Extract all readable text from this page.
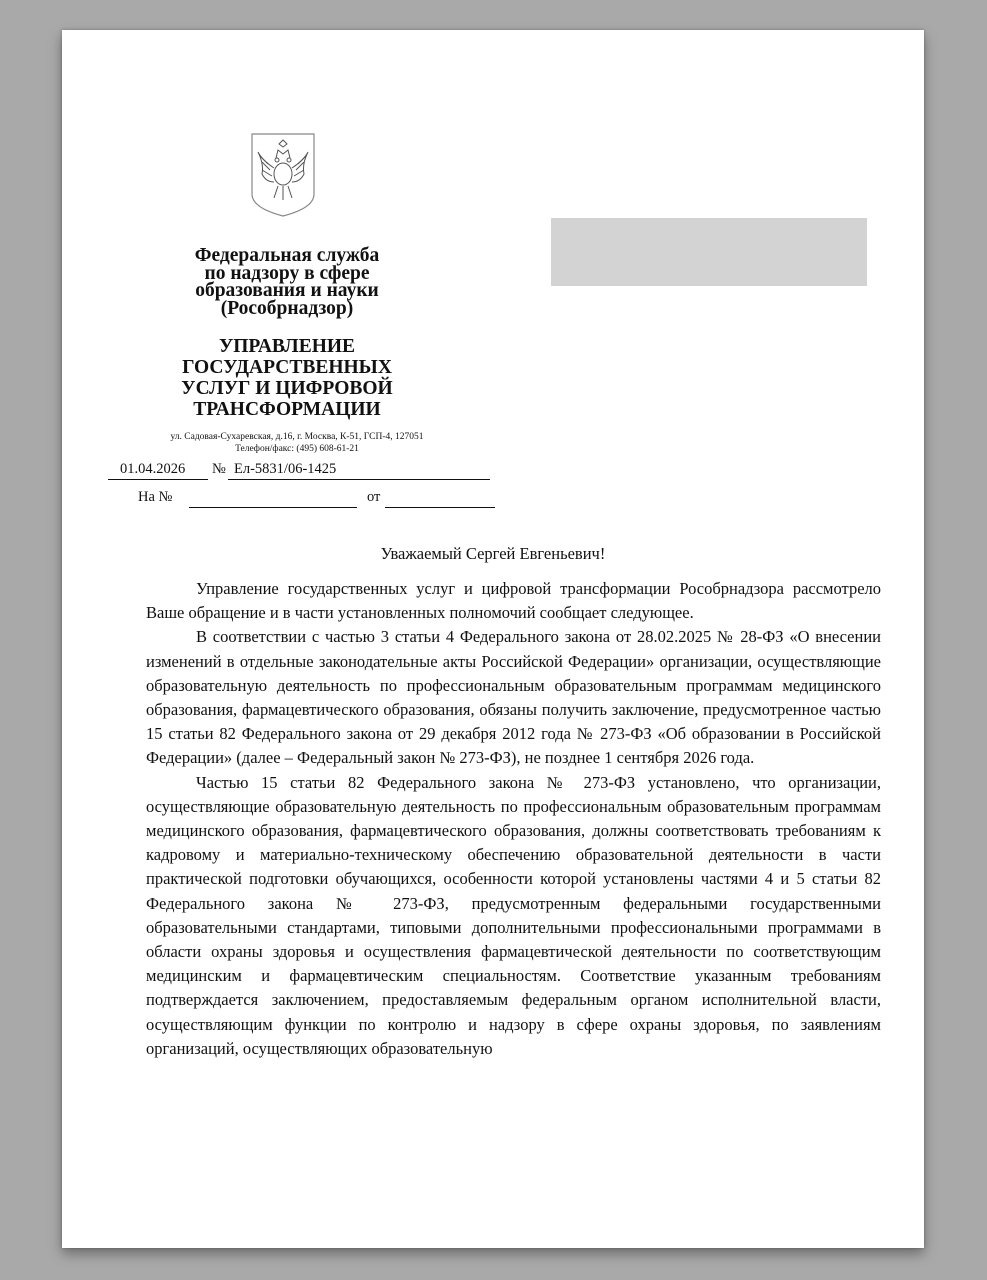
Федеральная служба
по надзору в сфере
образования и науки
(Рособрнадзор)
УПРАВЛЕНИЕ
ГОСУДАРСТВЕННЫХ
УСЛУГ И ЦИФРОВОЙ
ТРАНСФОРМАЦИИ
ул. Садовая-Сухаревская, д.16, г. Москва, К-51, ГСП-4, 127051
Телефон/факс: (495) 608-61-21
01.04.2026 № Ел-5831/06-1425
На №	от
Уважаемый Сергей Евгеньевич!

Управление государственных услуг и цифровой трансформации Рособрнадзора рассмотрело Ваше обращение и в части установленных полномочий сообщает следующее.

В соответствии с частью 3 статьи 4 Федерального закона от 28.02.2025 № 28-ФЗ «О внесении изменений в отдельные законодательные акты Российской Федерации» организации, осуществляющие образовательную деятельность по профессиональным образовательным программам медицинского образования, фармацевтического образования, обязаны получить заключение, предусмотренное частью 15 статьи 82 Федерального закона от 29 декабря 2012 года № 273-ФЗ «Об образовании в Российской Федерации» (далее – Федеральный закон № 273-ФЗ), не позднее 1 сентября 2026 года.

Частью 15 статьи 82 Федерального закона № 273-ФЗ установлено, что организации, осуществляющие образовательную деятельность по профессиональным образовательным программам медицинского образования, фармацевтического образования, должны соответствовать требованиям к кадровому и материально-техническому обеспечению образовательной деятельности в части практической подготовки обучающихся, особенности которой установлены частями 4 и 5 статьи 82 Федерального закона № 273-ФЗ, предусмотренным федеральными государственными образовательными стандартами, типовыми дополнительными профессиональными программами в области охраны здоровья и осуществления фармацевтической деятельности по соответствующим медицинским и фармацевтическим специальностям. Соответствие указанным требованиям подтверждается заключением, предоставляемым федеральным органом исполнительной власти, осуществляющим функции по контролю и надзору в сфере охраны здоровья, по заявлениям организаций, осуществляющих образовательную
